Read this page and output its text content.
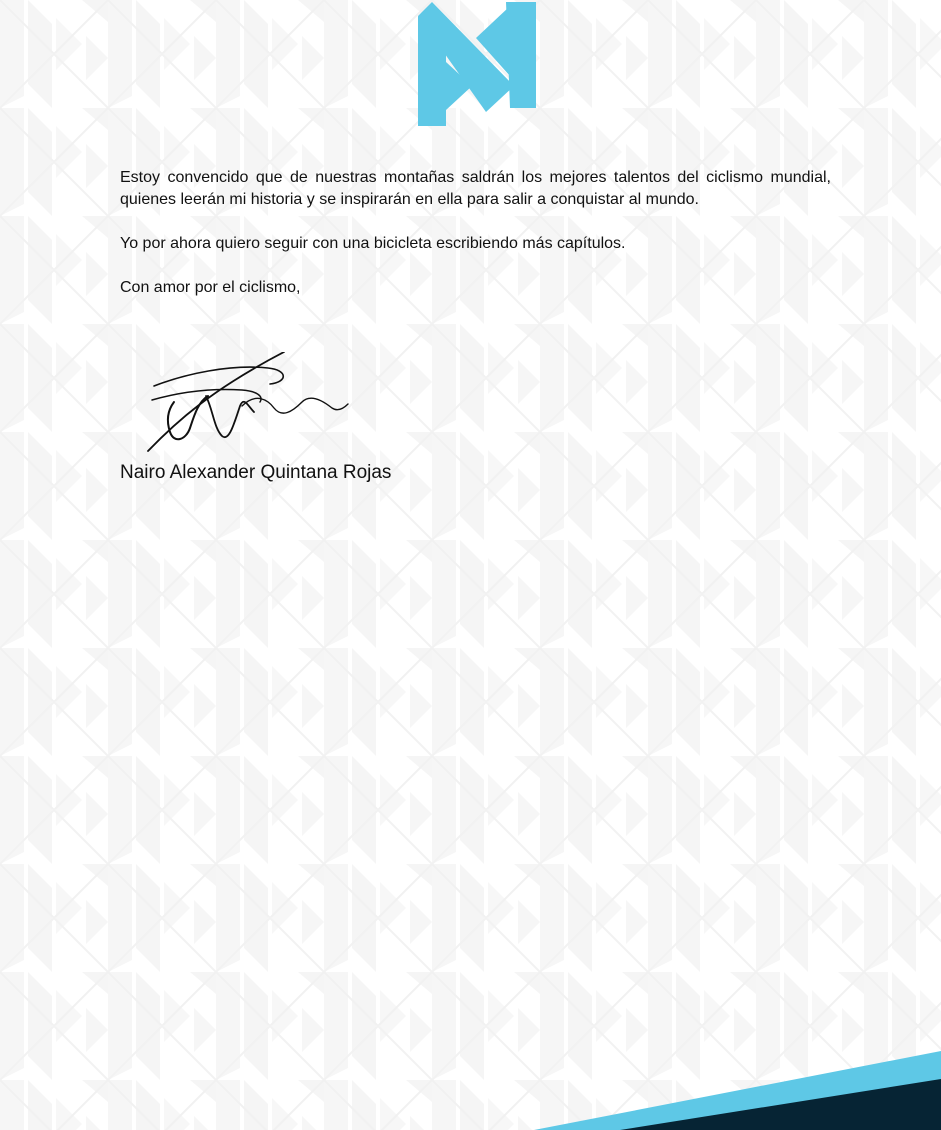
Estoy convencido que de nuestras montañas saldrán los mejores talentos del ciclismo mundial, quienes leerán mi historia y se inspirarán en ella para salir a conquistar al mundo.

Yo por ahora quiero seguir con una bicicleta escribiendo más capítulos.

Con amor por el ciclismo,

Nairo Alexander Quintana Rojas
